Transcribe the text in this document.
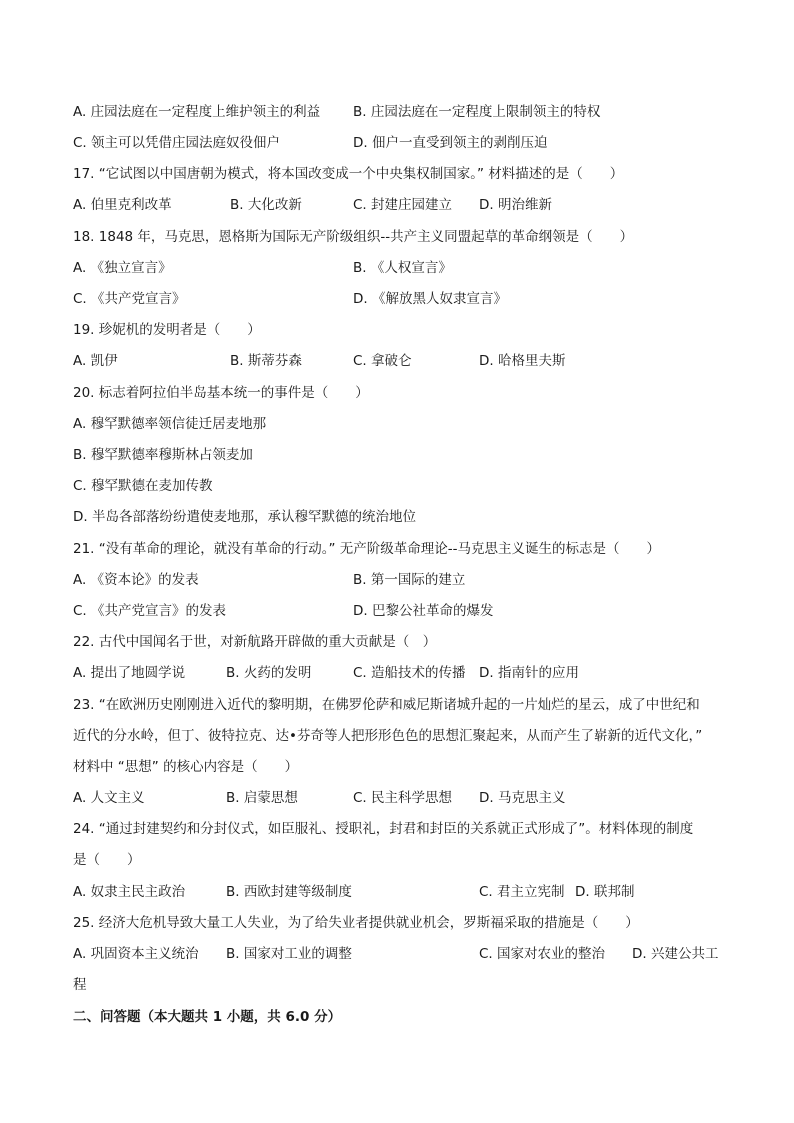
A. 庄园法庭在一定程度上维护领主的利益 B. 庄园法庭在一定程度上限制领主的特权
C. 领主可以凭借庄园法庭奴役佃户	D. 佃户一直受到领主的剥削压迫
17. “它试图以中国唐朝为模式，将本国改变成一个中央集权制国家。” 材料描述的是（　　）
A. 伯里克利改革	B. 大化改新	C. 封建庄园建立 D. 明治维新
18. 1848 年，马克思，恩格斯为国际无产阶级组织--共产主义同盟起草的革命纲领是（　　）
A. 《独立宣言》	B. 《人权宣言》
C. 《共产党宣言》	D. 《解放黑人奴隶宣言》
19. 珍妮机的发明者是（　　）
A. 凯伊	B. 斯蒂芬森	C. 拿破仑	D. 哈格里夫斯
20. 标志着阿拉伯半岛基本统一的事件是（　　）
A. 穆罕默德率领信徒迁居麦地那
B. 穆罕默德率穆斯林占领麦加
C. 穆罕默德在麦加传教
D. 半岛各部落纷纷遣使麦地那，承认穆罕默德的统治地位
21. “没有革命的理论，就没有革命的行动。” 无产阶级革命理论--马克思主义诞生的标志是（　　）
A. 《资本论》的发表	B. 第一国际的建立
C. 《共产党宣言》的发表	D. 巴黎公社革命的爆发
22. 古代中国闻名于世，对新航路开辟做的重大贡献是（　）
A. 提出了地圆学说	B. 火药的发明	C. 造船技术的传播 D. 指南针的应用
23. “在欧洲历史刚刚进入近代的黎明期，在佛罗伦萨和威尼斯诸城升起的一片灿烂的星云，成了中世纪和
近代的分水岭，但丁、彼特拉克、达•芬奇等人把形形色色的思想汇聚起来，从而产生了崭新的近代文化，”
材料中 “思想” 的核心内容是（　　）
A. 人文主义	B. 启蒙思想	C. 民主科学思想 D. 马克思主义
24. “通过封建契约和分封仪式，如臣服礼、授职礼，封君和封臣的关系就正式形成了”。材料体现的制度
是（　　）
A. 奴隶主民主政治	B. 西欧封建等级制度	C. 君主立宪制 D. 联邦制
25. 经济大危机导致大量工人失业，为了给失业者提供就业机会，罗斯福采取的措施是（　　）
A. 巩固资本主义统治 B. 国家对工业的调整	C. 国家对农业的整治 D. 兴建公共工
程
二、问答题（本大题共 1 小题，共 6.0 分）
